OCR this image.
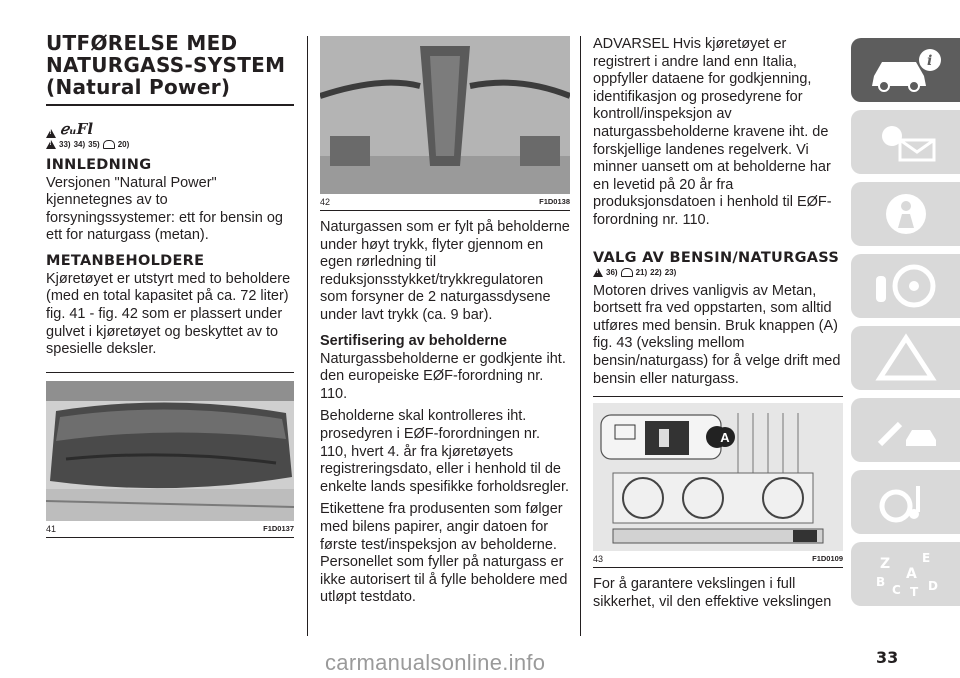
UTFØRELSE MED NATURGASS-SYSTEM (Natural Power)
!
ℯᵤFl
!
33) 34) 35) 20)
INNLEDNING

Versjonen "Natural Power" kjennetegnes av to forsyningssystemer: ett for bensin og ett for naturgass (metan).

METANBEHOLDERE

Kjøretøyet er utstyrt med to beholdere (med en total kapasitet på ca. 72 liter) fig. 41 - fig. 42 som er plassert under gulvet i kjøretøyet og beskyttet av to spesielle deksler.

41	F1D0137
42	F1D0138

Naturgassen som er fylt på beholderne under høyt trykk, flyter gjennom en egen rørledning til reduksjonsstykket/trykkregulatoren som forsyner de 2 naturgassdysene under lavt trykk (ca. 9 bar).

Sertifisering av beholderne

Naturgassbeholderne er godkjente iht. den europeiske EØF-forordning nr. 110.

Beholderne skal kontrolleres iht. prosedyren i EØF-forordningen nr. 110, hvert 4. år fra kjøretøyets registreringsdato, eller i henhold til de enkelte lands spesifikke forholdsregler.

Etikettene fra produsenten som følger med bilens papirer, angir datoen for første test/inspeksjon av beholderne. Personellet som fyller på naturgass er ikke autorisert til å fylle beholdere med utløpt testdato.

ADVARSEL Hvis kjøretøyet er registrert i andre land enn Italia, oppfyller dataene for godkjenning, identifikasjon og prosedyrene for kontroll/inspeksjon av naturgassbeholderne kravene iht. de forskjellige landenes regelverk. Vi minner uansett om at beholderne har en levetid på 20 år fra produksjonsdatoen i henhold til EØF-forordning nr. 110.

VALG AV BENSIN/NATURGASS
!
36) 21) 22) 23)

Motoren drives vanligvis av Metan, bortsett fra ved oppstarten, som alltid utføres med bensin. Bruk knappen (A) fig. 43 (veksling mellom bensin/naturgass) for å velge drift med bensin eller naturgass.

A
43	F1D0109

For å garantere vekslingen i full sikkerhet, vil den effektive vekslingen

i
Z	E
A
B
C T D
33
carmanualsonline.info
